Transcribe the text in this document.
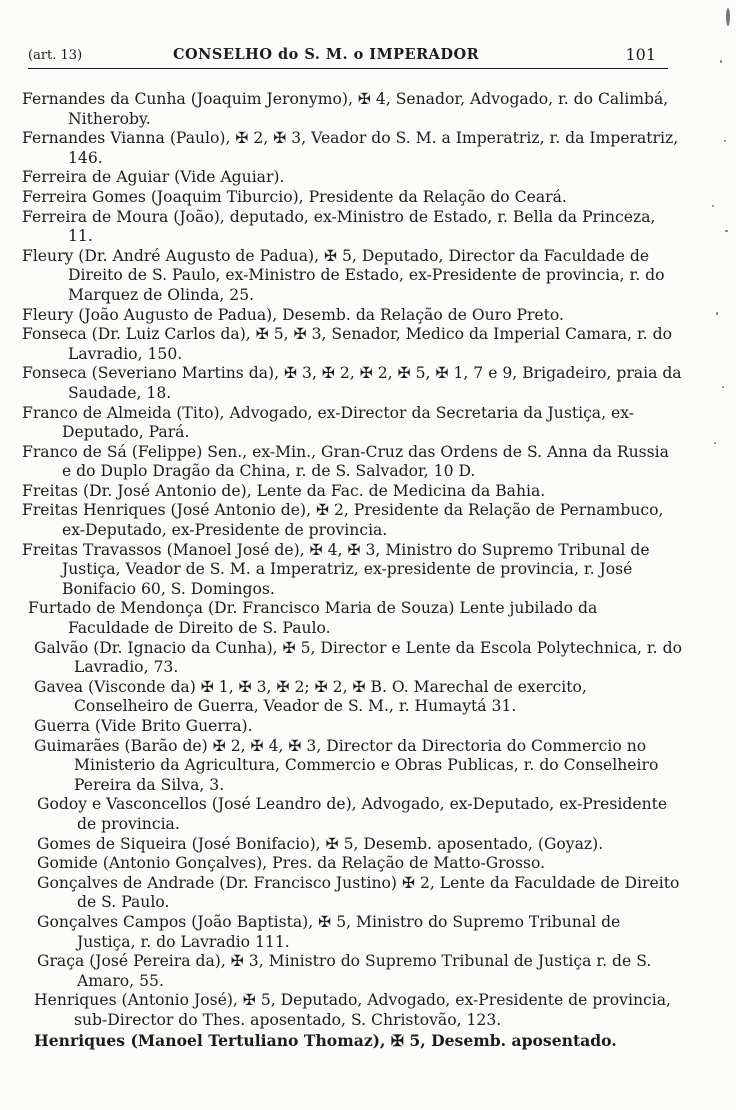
(art. 13)	CONSELHO do S. M. o IMPERADOR	101

Fernandes da Cunha (Joaquim Jeronymo), ✠ 4, Senador, Advogado, r. do Calimbá, Nitheroby.

Fernandes Vianna (Paulo), ✠ 2, ✠ 3, Veador do S. M. a Imperatriz, r. da Imperatriz, 146.

Ferreira de Aguiar (Vide Aguiar).

Ferreira Gomes (Joaquim Tiburcio), Presidente da Relação do Ceará.

Ferreira de Moura (João), deputado, ex-Ministro de Estado, r. Bella da Princeza, 11.

Fleury (Dr. André Augusto de Padua), ✠ 5, Deputado, Director da Faculdade de Direito de S. Paulo, ex-Ministro de Estado, ex-Presidente de provincia, r. do Marquez de Olinda, 25.

Fleury (João Augusto de Padua), Desemb. da Relação de Ouro Preto.

Fonseca (Dr. Luiz Carlos da), ✠ 5, ✠ 3, Senador, Medico da Imperial Camara, r. do Lavradio, 150.

Fonseca (Severiano Martins da), ✠ 3, ✠ 2, ✠ 2, ✠ 5, ✠ 1, 7 e 9, Brigadeiro, praia da Saudade, 18.

Franco de Almeida (Tito), Advogado, ex-Director da Secretaria da Justiça, ex-Deputado, Pará.

Franco de Sá (Felippe) Sen., ex-Min., Gran-Cruz das Ordens de S. Anna da Russia e do Duplo Dragão da China, r. de S. Salvador, 10 D.

Freitas (Dr. José Antonio de), Lente da Fac. de Medicina da Bahia.

Freitas Henriques (José Antonio de), ✠ 2, Presidente da Relação de Pernambuco, ex-Deputado, ex-Presidente de provincia.

Freitas Travassos (Manoel José de), ✠ 4, ✠ 3, Ministro do Supremo Tribunal de Justiça, Veador de S. M. a Imperatriz, ex-presidente de provincia, r. José Bonifacio 60, S. Domingos.

Furtado de Mendonça (Dr. Francisco Maria de Souza) Lente jubilado da Faculdade de Direito de S. Paulo.

Galvão (Dr. Ignacio da Cunha), ✠ 5, Director e Lente da Escola Polytechnica, r. do Lavradio, 73.

Gavea (Visconde da) ✠ 1, ✠ 3, ✠ 2; ✠ 2, ✠ B. O. Marechal de exercito, Conselheiro de Guerra, Veador de S. M., r. Humaytá 31.

Guerra (Vide Brito Guerra).

Guimarães (Barão de) ✠ 2, ✠ 4, ✠ 3, Director da Directoria do Commercio no Ministerio da Agricultura, Commercio e Obras Publicas, r. do Conselheiro Pereira da Silva, 3.

Godoy e Vasconcellos (José Leandro de), Advogado, ex-Deputado, ex-Presidente de provincia.

Gomes de Siqueira (José Bonifacio), ✠ 5, Desemb. aposentado, (Goyaz).

Gomide (Antonio Gonçalves), Pres. da Relação de Matto-Grosso.

Gonçalves de Andrade (Dr. Francisco Justino) ✠ 2, Lente da Faculdade de Direito de S. Paulo.

Gonçalves Campos (João Baptista), ✠ 5, Ministro do Supremo Tribunal de Justiça, r. do Lavradio 111.

Graça (José Pereira da), ✠ 3, Ministro do Supremo Tribunal de Justiça r. de S. Amaro, 55.

Henriques (Antonio José), ✠ 5, Deputado, Advogado, ex-Presidente de provincia, sub-Director do Thes. aposentado, S. Christovão, 123.

Henriques (Manoel Tertuliano Thomaz), ✠ 5, Desemb. aposentado.
